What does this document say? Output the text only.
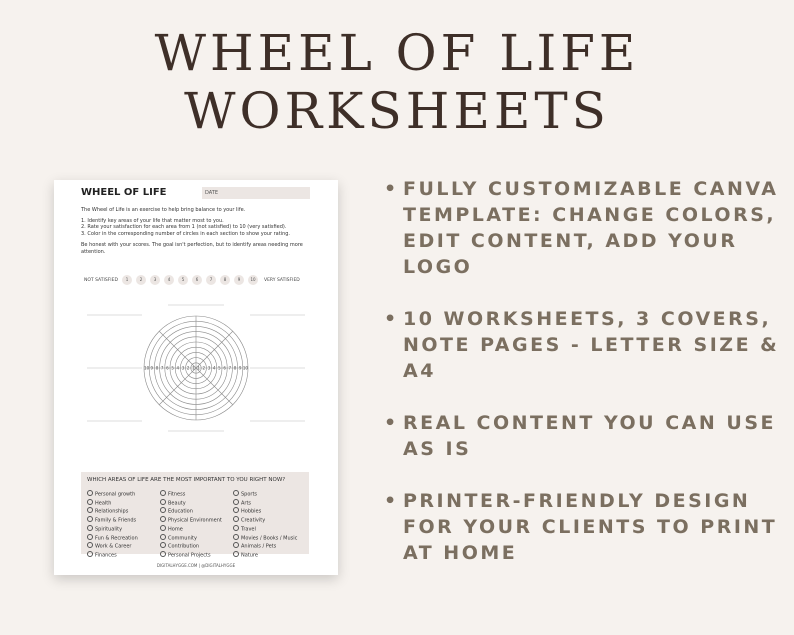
WHEEL OF LIFE
WORKSHEETS
WHEEL OF LIFE	DATE
The Wheel of Life is an exercise to help bring balance to your life.
1. Identify key areas of your life that matter most to you.
2. Rate your satisfaction for each area from 1 (not satisfied) to 10 (very satisfied).
3. Color in the corresponding number of circles in each section to show your rating.
Be honest with your scores. The goal isn't perfection, but to identify areas needing more attention.
NOT SATISFIED	VERY SATISFIED
1	2	3	4	5	6	7	8	9	10
1 1
2	2
3	3
4	4
5	5
6	6
7	7
8	8
9	9
10	10
WHICH AREAS OF LIFE ARE THE MOST IMPORTANT TO YOU RIGHT NOW?
Personal growth
Health
Relationships
Family & Friends
Spirituality
Fun & Recreation
Work & Career
Finances
Fitness
Beauty
Education
Physical Environment
Home
Community
Contribution
Personal Projects
Sports
Arts
Hobbies
Creativity
Travel
Movies / Books / Music
Animals / Pets
Nature
DIGITALHYGGE.COM | @DIGITALHYGGE
• FULLY CUSTOMIZABLE CANVA TEMPLATE: CHANGE COLORS, EDIT CONTENT, ADD YOUR LOGO
• 10 WORKSHEETS, 3 COVERS, NOTE PAGES - LETTER SIZE & A4
• REAL CONTENT YOU CAN USE AS IS
• PRINTER-FRIENDLY DESIGN FOR YOUR CLIENTS TO PRINT AT HOME
